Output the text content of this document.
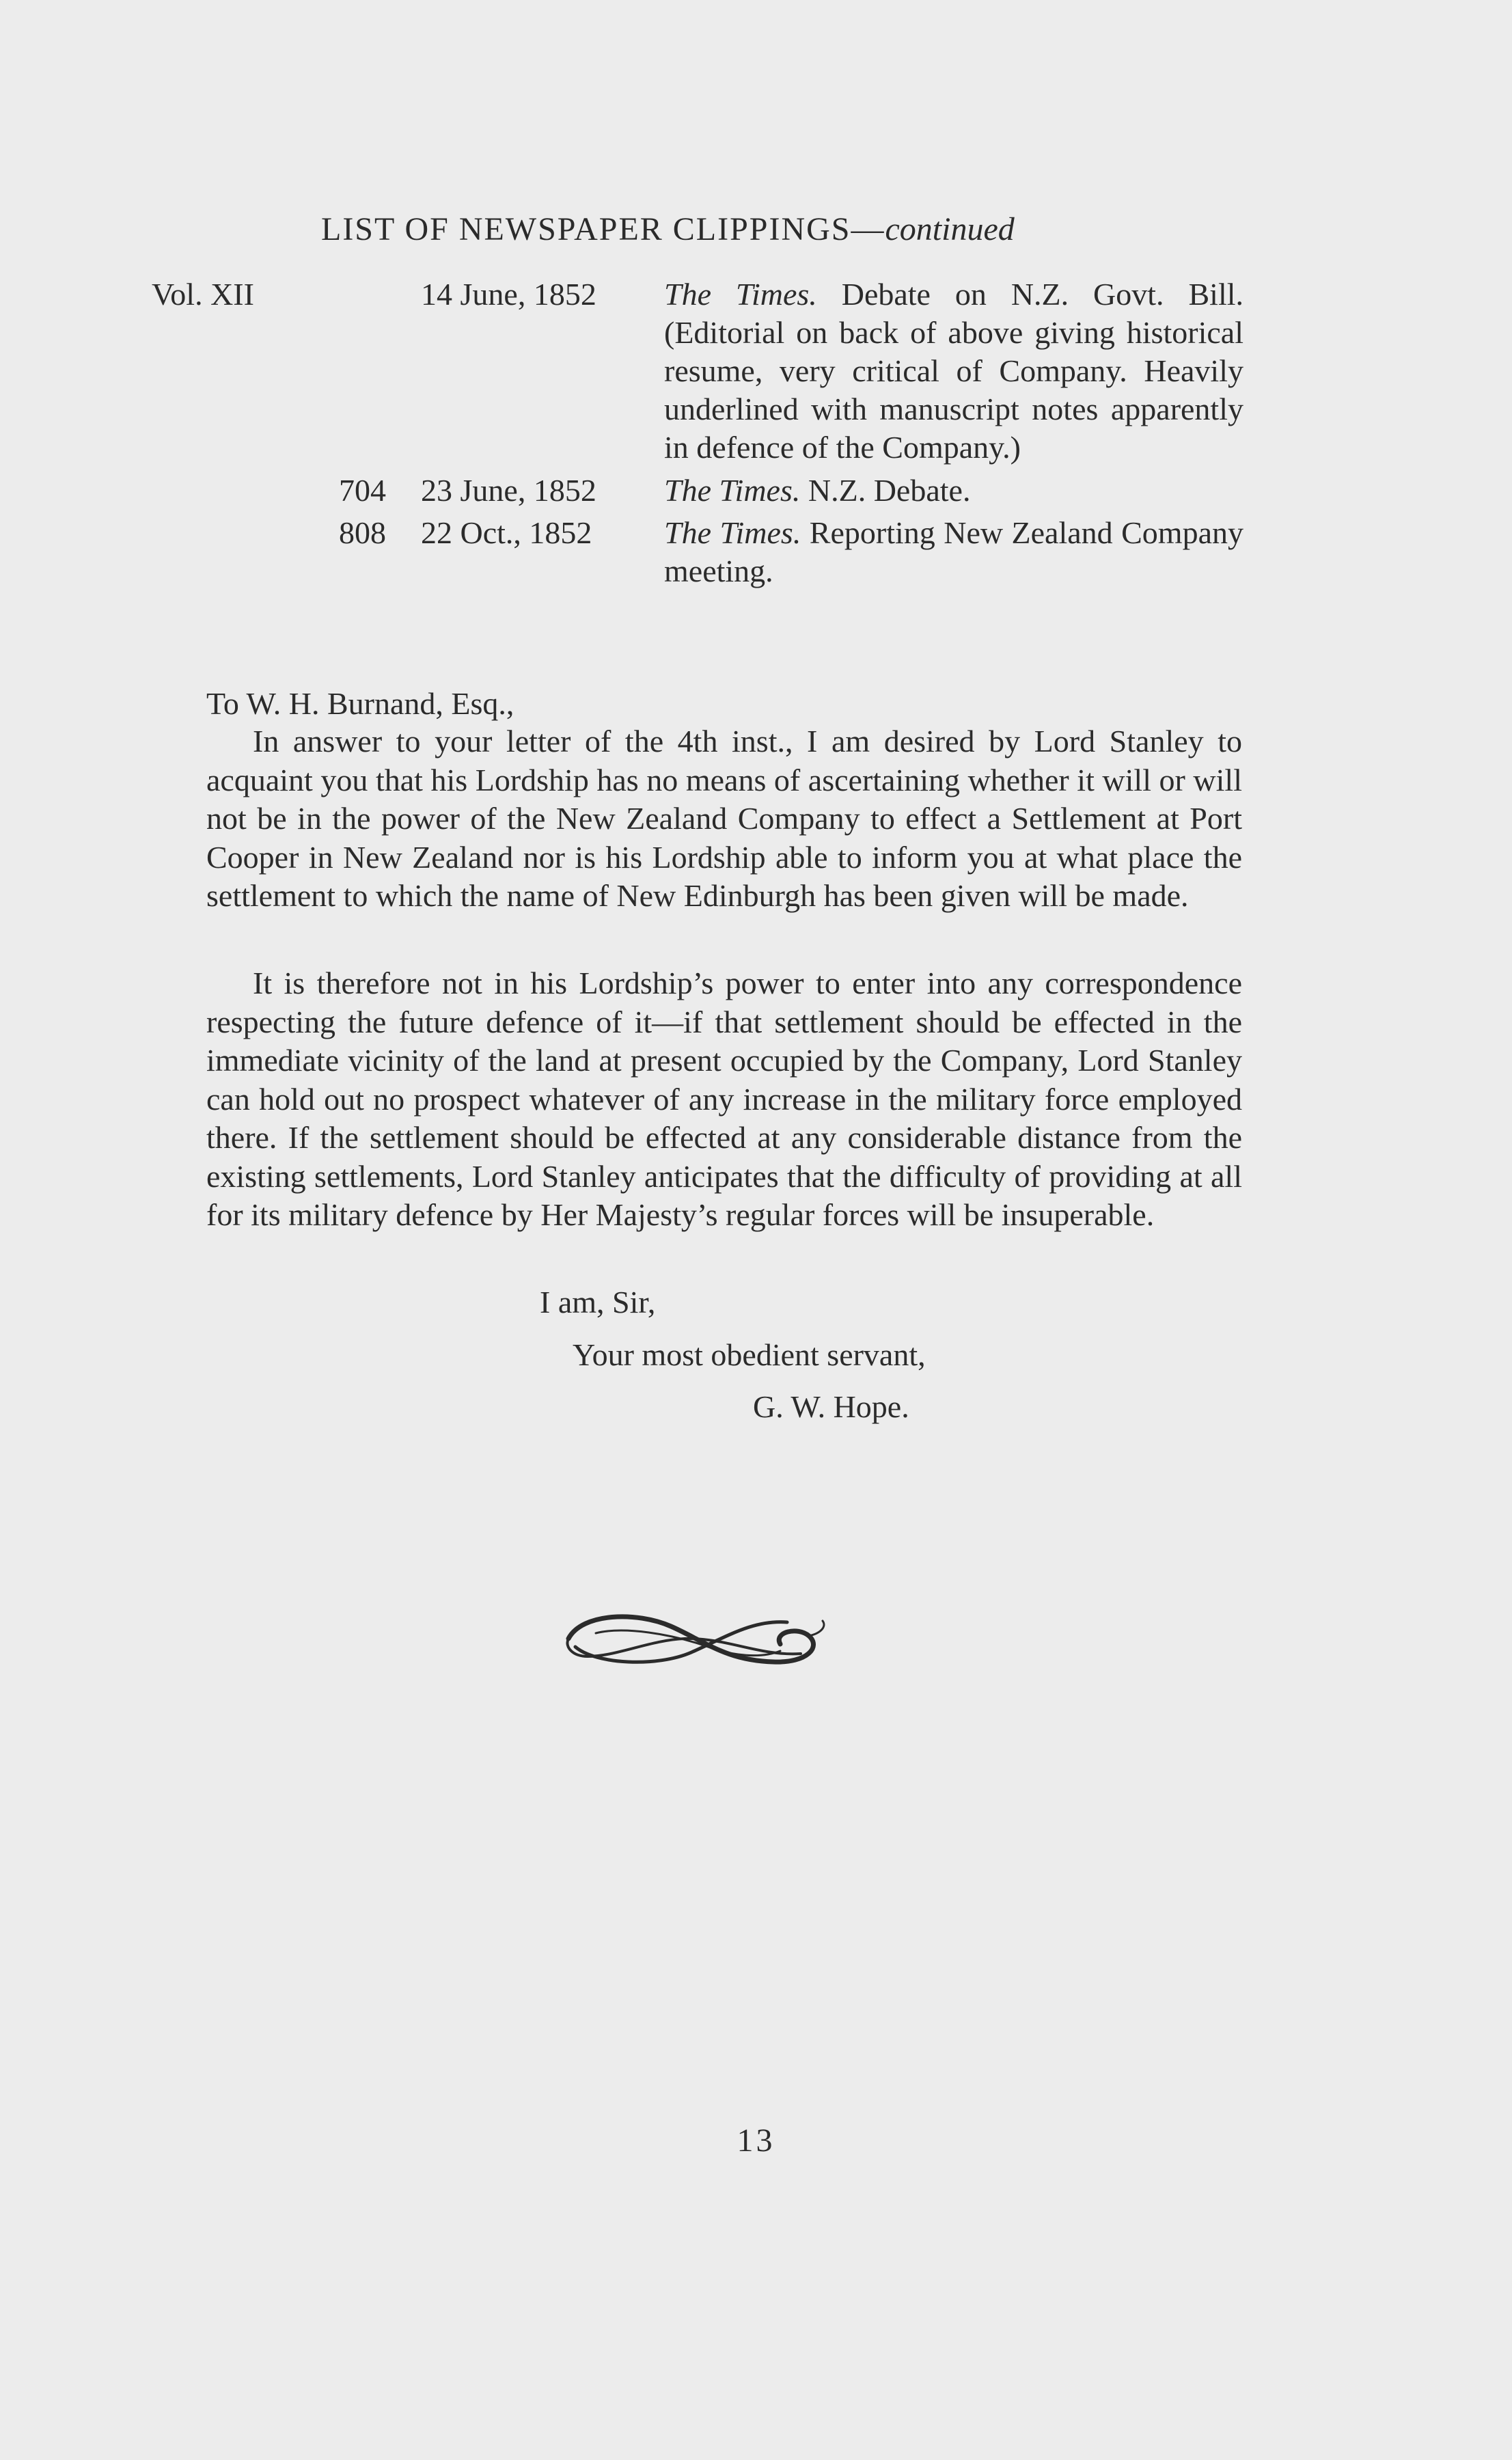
LIST OF NEWSPAPER CLIPPINGS—continued
Vol. XII	14 June, 1852 The Times. Debate on N.Z. Govt. Bill. (Editorial on back of above giving historical resume, very critical of Company. Heavily underlined with manuscript notes apparently in defence of the Company.)
704 23 June, 1852 The Times. N.Z. Debate.
808 22 Oct., 1852 The Times. Reporting New Zealand Company meeting.
To W. H. Burnand, Esq.,

In answer to your letter of the 4th inst., I am desired by Lord Stanley to acquaint you that his Lordship has no means of ascertaining whether it will or will not be in the power of the New Zealand Company to effect a Settlement at Port Cooper in New Zealand nor is his Lordship able to inform you at what place the settlement to which the name of New Edinburgh has been given will be made.

It is therefore not in his Lordship’s power to enter into any correspondence respecting the future defence of it—if that settlement should be effected in the immediate vicinity of the land at present occupied by the Company, Lord Stanley can hold out no prospect whatever of any increase in the military force employed there. If the settlement should be effected at any considerable distance from the existing settlements, Lord Stanley anticipates that the difficulty of providing at all for its military defence by Her Majesty’s regular forces will be insuperable.

I am, Sir,
Your most obedient servant,
G. W. Hope.
13
